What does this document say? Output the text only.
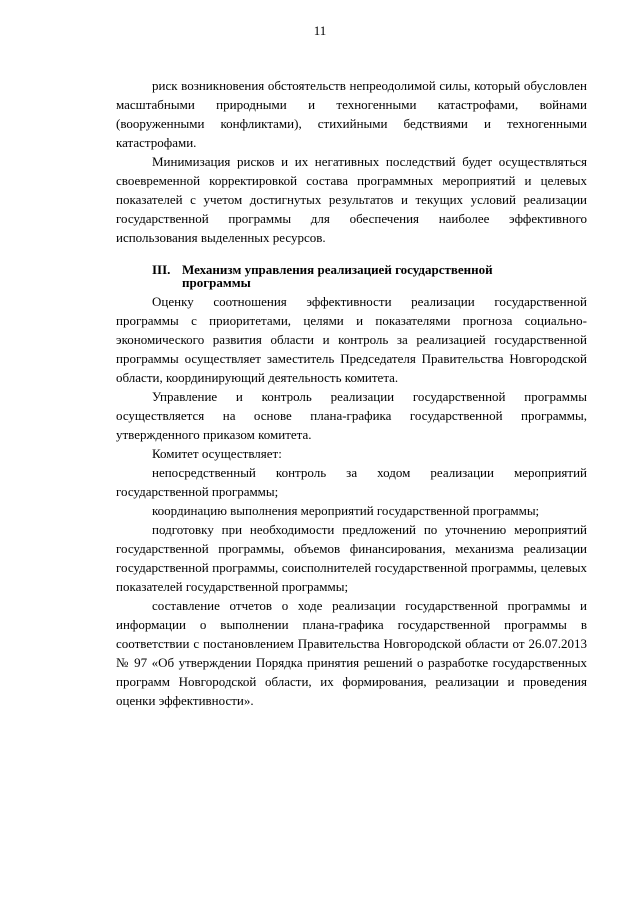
11

риск возникновения обстоятельств непреодолимой силы, который обусловлен масштабными природными и техногенными катастрофами, войнами (вооруженными конфликтами), стихийными бедствиями и техногенными катастрофами.

Минимизация рисков и их негативных последствий будет осуществляться своевременной корректировкой состава программных мероприятий и целевых показателей с учетом достигнутых результатов и текущих условий реализации государственной программы для обеспечения наиболее эффективного использования выделенных ресурсов.

III. Механизм управления реализацией государственной программы

Оценку соотношения эффективности реализации государственной программы с приоритетами, целями и показателями прогноза социально-экономического развития области и контроль за реализацией государственной программы осуществляет заместитель Председателя Правительства Новгородской области, координирующий деятельность комитета.

Управление и контроль реализации государственной программы осуществляется на основе плана-графика государственной программы, утвержденного приказом комитета.

Комитет осуществляет:

непосредственный контроль за ходом реализации мероприятий государственной программы;

координацию выполнения мероприятий государственной программы;

подготовку при необходимости предложений по уточнению мероприятий государственной программы, объемов финансирования, механизма реализации государственной программы, соисполнителей государственной программы, целевых показателей государственной программы;

составление отчетов о ходе реализации государственной программы и информации о выполнении плана-графика государственной программы в соответствии с постановлением Правительства Новгородской области от 26.07.2013 № 97 «Об утверждении Порядка принятия решений о разработке государственных программ Новгородской области, их формирования, реализации и проведения оценки эффективности».
